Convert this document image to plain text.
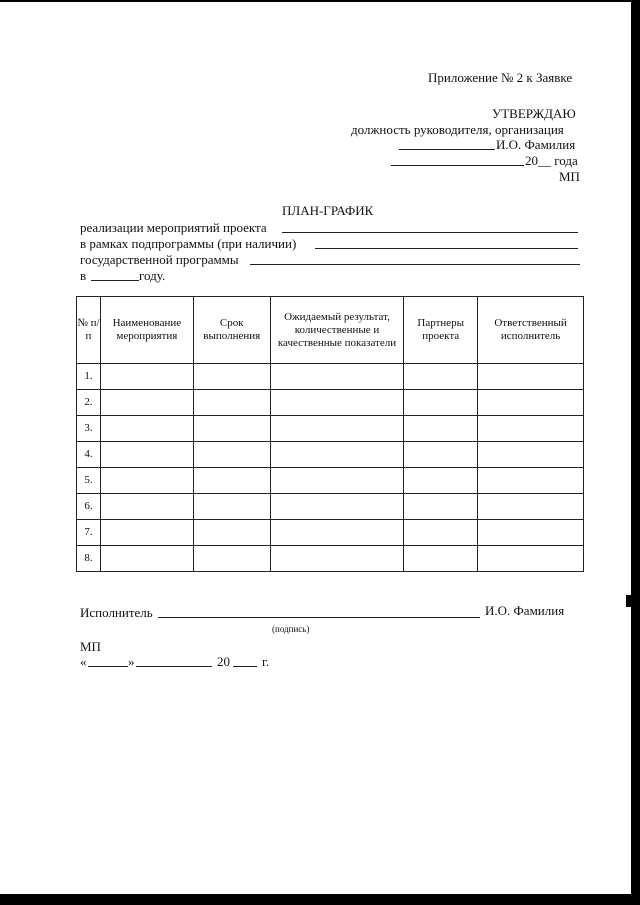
Приложение № 2 к Заявке
УТВЕРЖДАЮ
должность руководителя, организация
И.О. Фамилия
20__ года
МП
ПЛАН-ГРАФИК
реализации мероприятий проекта
в рамках подпрограммы (при наличии)
государственной программы
в	году.
№ п/п	Наименование мероприятия	Срок выполнения	Ожидаемый результат, количественные и качественные показатели	Партнеры проекта	Ответственный исполнитель
1.					
2.					
3.					
4.					
5.					
6.					
7.					
8.					
Исполнитель	И.О. Фамилия
(подпись)
МП
«	»	20 г.
